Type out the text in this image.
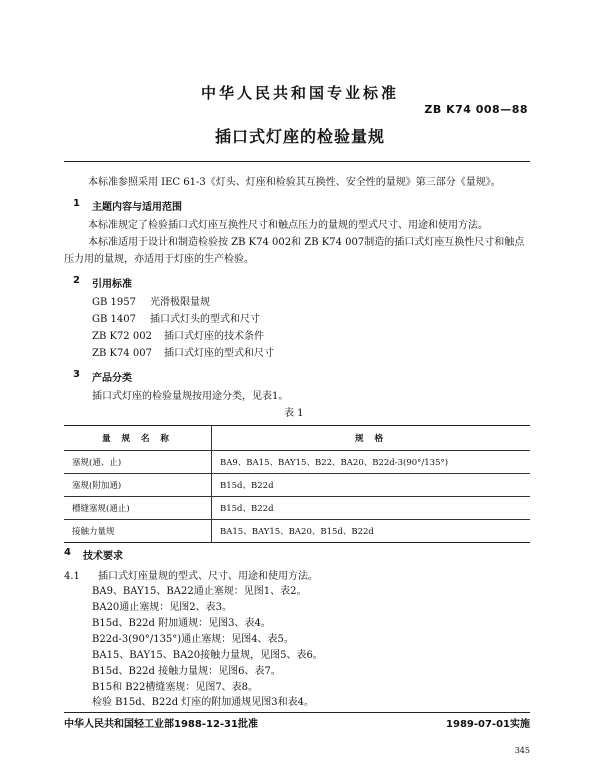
中华人民共和国专业标准
ZB K74 008—88
插口式灯座的检验量规
本标准参照采用 IEC 61-3《灯头、灯座和检验其互换性、安全性的量规》第三部分《量规》。
1 主题内容与适用范围
本标准规定了检验插口式灯座互换性尺寸和触点压力的量规的型式尺寸、用途和使用方法。
本标准适用于设计和制造检验按 ZB K74 002和 ZB K74 007制造的插口式灯座互换性尺寸和触点
压力用的量规，亦适用于灯座的生产检验。
2 引用标准
GB 1957 光滑极限量规
GB 1407 插口式灯头的型式和尺寸
ZB K72 002 插口式灯座的技术条件
ZB K74 007 插口式灯座的型式和尺寸
3 产品分类
插口式灯座的检验量规按用途分类，见表1。
表 1
量 规 名 称	规 格
塞规(通、止)	BA9、BA15、BAY15、B22、BA20、B22d-3(90°/135°)
塞规(附加通)	B15d、B22d
槽缝塞规(通止)	B15d、B22d
接触力量规	BA15、BAY15、BA20、B15d、B22d
4 技术要求
4.1 插口式灯座量规的型式、尺寸、用途和使用方法。
BA9、BAY15、BA22通止塞规：见图1、表2。
BA20通止塞规：见图2、表3。
B15d、B22d 附加通规：见图3、表4。
B22d-3(90°/135°)通止塞规：见图4、表5。
BA15、BAY15、BA20接触力量规，见图5、表6。
B15d、B22d 接触力量规：见图6、表7。
B15和 B22槽缝塞规：见图7、表8。
检验 B15d、B22d 灯座的附加通规见图3和表4。
中华人民共和国轻工业部1988-12-31批准	1989-07-01实施
345
